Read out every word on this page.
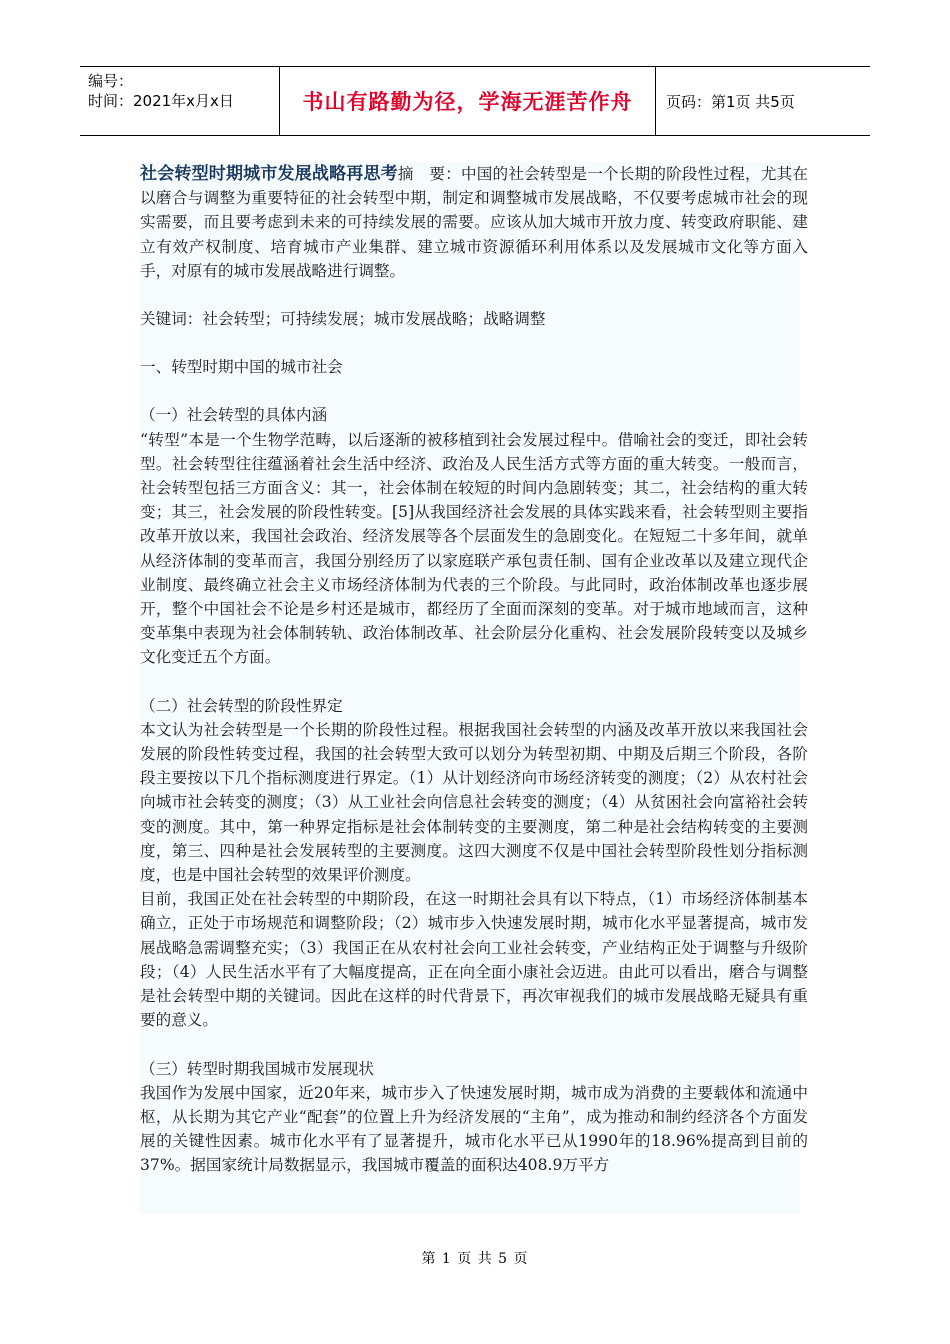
编号：
时间：2021年x月x日	书山有路勤为径，学海无涯苦作舟	页码：第1页 共5页

社会转型时期城市发展战略再思考摘　要：中国的社会转型是一个长期的阶段性过程，尤其在以磨合与调整为重要特征的社会转型中期，制定和调整城市发展战略，不仅要考虑城市社会的现实需要，而且要考虑到未来的可持续发展的需要。应该从加大城市开放力度、转变政府职能、建立有效产权制度、培育城市产业集群、建立城市资源循环利用体系以及发展城市文化等方面入手，对原有的城市发展战略进行调整。

关键词：社会转型；可持续发展；城市发展战略；战略调整

一、转型时期中国的城市社会

（一）社会转型的具体内涵

“转型”本是一个生物学范畴，以后逐渐的被移植到社会发展过程中。借喻社会的变迁，即社会转型。社会转型往往蕴涵着社会生活中经济、政治及人民生活方式等方面的重大转变。一般而言，社会转型包括三方面含义：其一，社会体制在较短的时间内急剧转变；其二，社会结构的重大转变；其三，社会发展的阶段性转变。[5]从我国经济社会发展的具体实践来看，社会转型则主要指改革开放以来，我国社会政治、经济发展等各个层面发生的急剧变化。在短短二十多年间，就单从经济体制的变革而言，我国分别经历了以家庭联产承包责任制、国有企业改革以及建立现代企业制度、最终确立社会主义市场经济体制为代表的三个阶段。与此同时，政治体制改革也逐步展开，整个中国社会不论是乡村还是城市，都经历了全面而深刻的变革。对于城市地域而言，这种变革集中表现为社会体制转轨、政治体制改革、社会阶层分化重构、社会发展阶段转变以及城乡文化变迁五个方面。

（二）社会转型的阶段性界定

本文认为社会转型是一个长期的阶段性过程。根据我国社会转型的内涵及改革开放以来我国社会发展的阶段性转变过程，我国的社会转型大致可以划分为转型初期、中期及后期三个阶段，各阶段主要按以下几个指标测度进行界定。（1）从计划经济向市场经济转变的测度；（2）从农村社会向城市社会转变的测度；（3）从工业社会向信息社会转变的测度；（4）从贫困社会向富裕社会转变的测度。其中，第一种界定指标是社会体制转变的主要测度，第二种是社会结构转变的主要测度，第三、四种是社会发展转型的主要测度。这四大测度不仅是中国社会转型阶段性划分指标测度，也是中国社会转型的效果评价测度。

目前，我国正处在社会转型的中期阶段，在这一时期社会具有以下特点，（1）市场经济体制基本确立，正处于市场规范和调整阶段；（2）城市步入快速发展时期，城市化水平显著提高，城市发展战略急需调整充实；（3）我国正在从农村社会向工业社会转变，产业结构正处于调整与升级阶段；（4）人民生活水平有了大幅度提高，正在向全面小康社会迈进。由此可以看出，磨合与调整是社会转型中期的关键词。因此在这样的时代背景下，再次审视我们的城市发展战略无疑具有重要的意义。

（三）转型时期我国城市发展现状

我国作为发展中国家，近20年来，城市步入了快速发展时期，城市成为消费的主要载体和流通中枢，从长期为其它产业“配套”的位置上升为经济发展的“主角”，成为推动和制约经济各个方面发展的关键性因素。城市化水平有了显著提升，城市化水平已从1990年的18.96%提高到目前的37%。据国家统计局数据显示，我国城市覆盖的面积达408.9万平方

第 1 页 共 5 页
